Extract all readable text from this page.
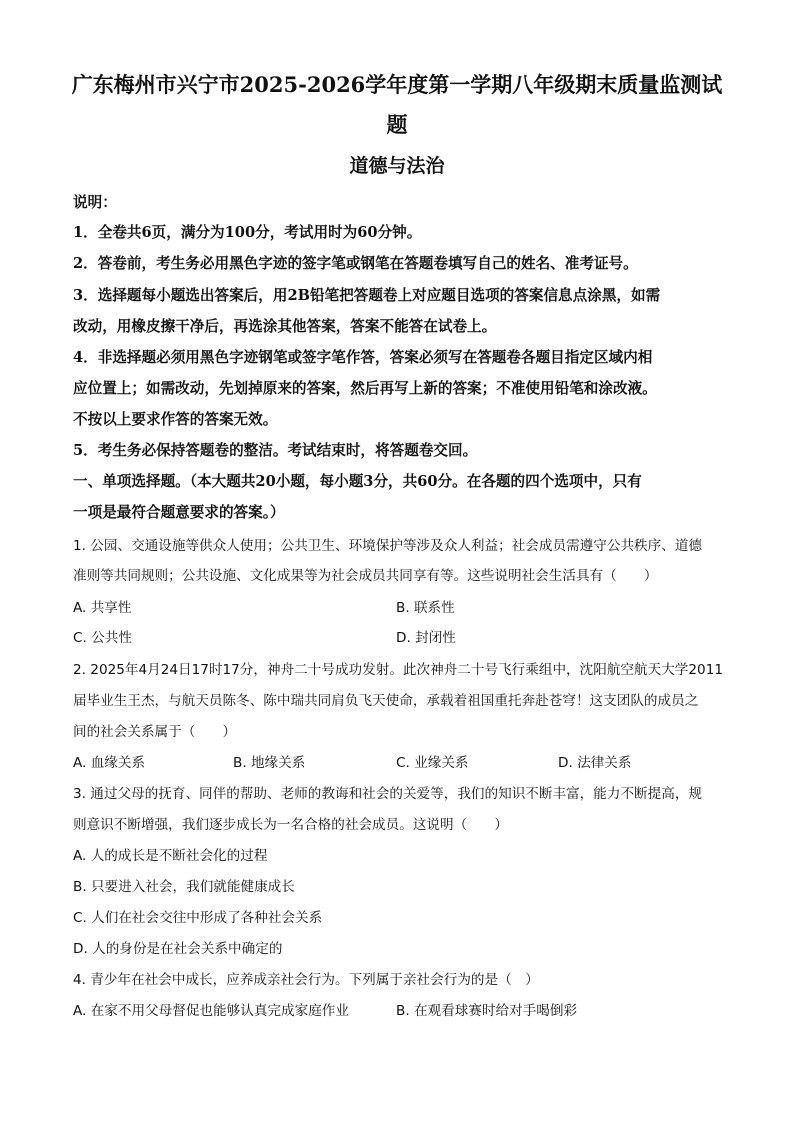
广东梅州市兴宁市2025-2026学年度第一学期八年级期末质量监测试
题
道德与法治
说明：
1．全卷共6页，满分为100分，考试用时为60分钟。
2．答卷前，考生务必用黑色字迹的签字笔或钢笔在答题卷填写自己的姓名、准考证号。
3．选择题每小题选出答案后，用2B铅笔把答题卷上对应题目选项的答案信息点涂黑，如需
改动，用橡皮擦干净后，再选涂其他答案，答案不能答在试卷上。
4．非选择题必须用黑色字迹钢笔或签字笔作答，答案必须写在答题卷各题目指定区域内相
应位置上；如需改动，先划掉原来的答案，然后再写上新的答案；不准使用铅笔和涂改液。
不按以上要求作答的答案无效。
5．考生务必保持答题卷的整洁。考试结束时，将答题卷交回。
一、单项选择题。（本大题共20小题，每小题3分，共60分。在各题的四个选项中，只有
一项是最符合题意要求的答案。）
1. 公园、交通设施等供众人使用；公共卫生、环境保护等涉及众人利益；社会成员需遵守公共秩序、道德
准则等共同规则；公共设施、文化成果等为社会成员共同享有等。这些说明社会生活具有（　　）
A. 共享性	B. 联系性
C. 公共性	D. 封闭性
2. 2025年4月24日17时17分，神舟二十号成功发射。此次神舟二十号飞行乘组中，沈阳航空航天大学2011
届毕业生王杰，与航天员陈冬、陈中瑞共同肩负飞天使命，承载着祖国重托奔赴苍穹！这支团队的成员之
间的社会关系属于（　　）
A. 血缘关系	B. 地缘关系	C. 业缘关系	D. 法律关系
3. 通过父母的抚育、同伴的帮助、老师的教诲和社会的关爱等，我们的知识不断丰富，能力不断提高，规
则意识不断增强，我们逐步成长为一名合格的社会成员。这说明（　　）
A. 人的成长是不断社会化的过程
B. 只要进入社会，我们就能健康成长
C. 人们在社会交往中形成了各种社会关系
D. 人的身份是在社会关系中确定的
4. 青少年在社会中成长，应养成亲社会行为。下列属于亲社会行为的是（　）
A. 在家不用父母督促也能够认真完成家庭作业	B. 在观看球赛时给对手喝倒彩
